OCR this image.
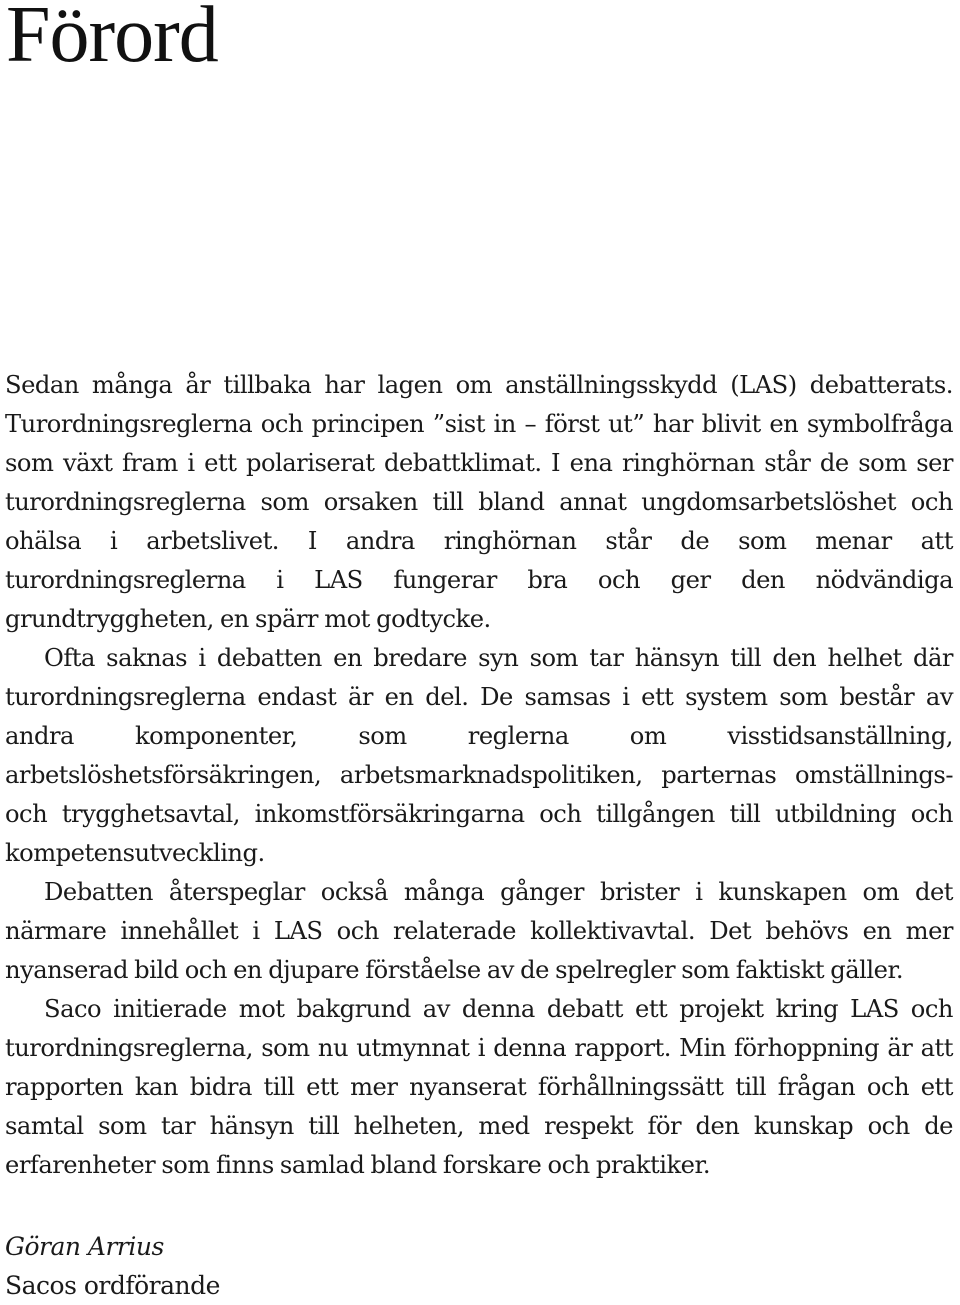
Förord

Sedan många år tillbaka har lagen om anställningsskydd (LAS) debatterats. Turordningsreglerna och principen ”sist in – först ut” har blivit en symbolfråga som växt fram i ett polariserat debattklimat. I ena ringhörnan står de som ser turordningsreglerna som orsaken till bland annat ungdomsarbetslöshet och ohälsa i arbetslivet. I andra ringhörnan står de som menar att turordningsreglerna i LAS fungerar bra och ger den nödvändiga grundtryggheten, en spärr mot godtycke.

Ofta saknas i debatten en bredare syn som tar hänsyn till den helhet där turordningsreglerna endast är en del. De samsas i ett system som består av andra komponenter, som reglerna om visstidsanställning, arbetslöshetsförsäkringen, arbetsmarknadspolitiken, parternas omställnings- och trygghetsavtal, inkomstförsäkringarna och tillgången till utbildning och kompetensutveckling.

Debatten återspeglar också många gånger brister i kunskapen om det närmare innehållet i LAS och relaterade kollektivavtal. Det behövs en mer nyanserad bild och en djupare förståelse av de spelregler som faktiskt gäller.

Saco initierade mot bakgrund av denna debatt ett projekt kring LAS och turordningsreglerna, som nu utmynnat i denna rapport. Min förhoppning är att rapporten kan bidra till ett mer nyanserat förhållningssätt till frågan och ett samtal som tar hänsyn till helheten, med respekt för den kunskap och de erfarenheter som finns samlad bland forskare och praktiker.

Göran Arrius

Sacos ordförande
